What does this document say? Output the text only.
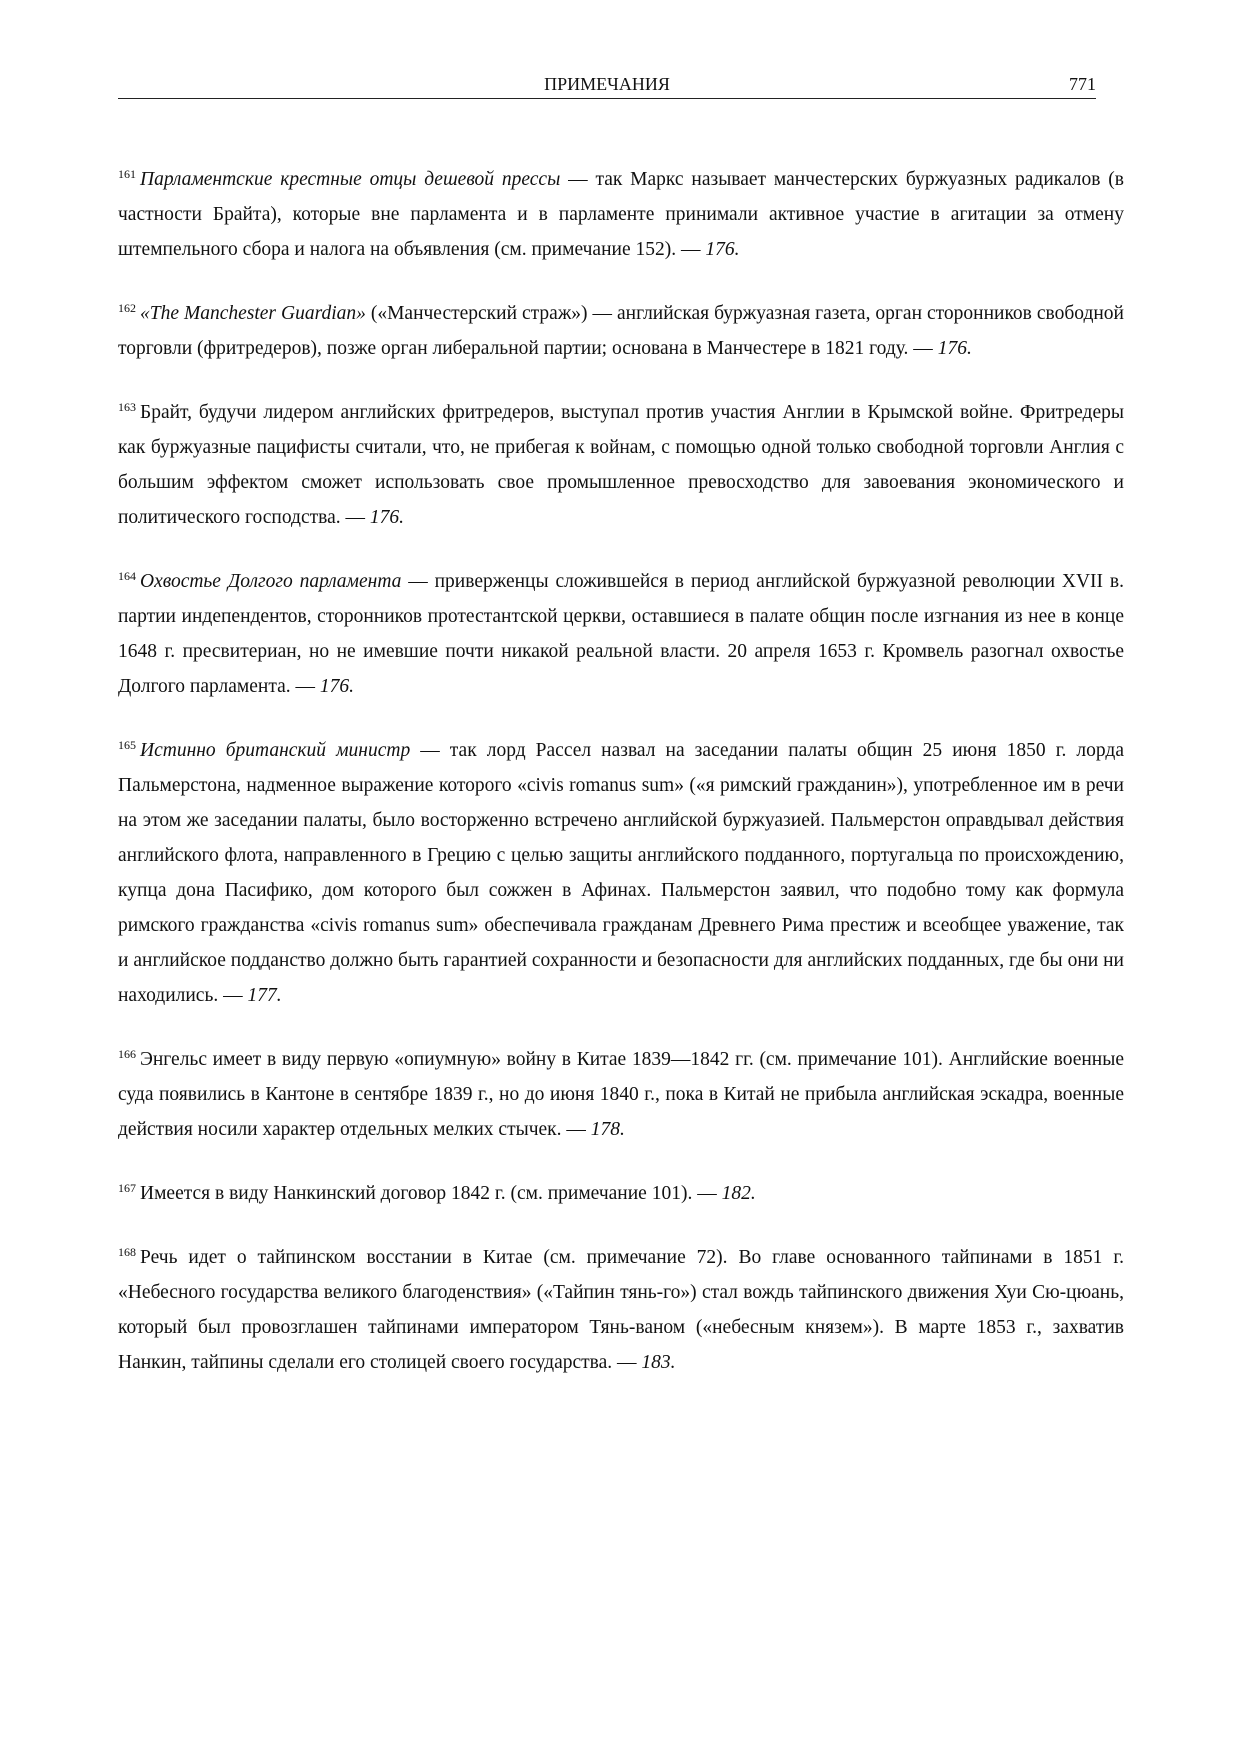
ПРИМЕЧАНИЯ	771

$^{161}$ Парламентские крестные отцы дешевой прессы — так Маркс называет манчестерских буржуазных радикалов (в частности Брайта), которые вне парламента и в парламенте принимали активное участие в агитации за отмену штемпельного сбора и налога на объявления (см. примечание 152). — 176.

$^{162}$ «The Manchester Guardian» («Манчестерский страж») — английская буржуазная газета, орган сторонников свободной торговли (фритредеров), позже орган либеральной партии; основана в Манчестере в 1821 году. — 176.

$^{163}$ Брайт, будучи лидером английских фритредеров, выступал против участия Англии в Крымской войне. Фритредеры как буржуазные пацифисты считали, что, не прибегая к войнам, с помощью одной только свободной торговли Англия с большим эффектом сможет использовать свое промышленное превосходство для завоевания экономического и политического господства. — 176.

$^{164}$ Охвостье Долгого парламента — приверженцы сложившейся в период английской буржуазной революции XVII в. партии индепендентов, сторонников протестантской церкви, оставшиеся в палате общин после изгнания из нее в конце 1648 г. пресвитериан, но не имевшие почти никакой реальной власти. 20 апреля 1653 г. Кромвель разогнал охвостье Долгого парламента. — 176.

$^{165}$ Истинно британский министр — так лорд Рассел назвал на заседании палаты общин 25 июня 1850 г. лорда Пальмерстона, надменное выражение которого «civis romanus sum» («я римский гражданин»), употребленное им в речи на этом же заседании палаты, было восторженно встречено английской буржуазией. Пальмерстон оправдывал действия английского флота, направленного в Грецию с целью защиты английского подданного, португальца по происхождению, купца дона Пасифико, дом которого был сожжен в Афинах. Пальмерстон заявил, что подобно тому как формула римского гражданства «civis romanus sum» обеспечивала гражданам Древнего Рима престиж и всеобщее уважение, так и английское подданство должно быть гарантией сохранности и безопасности для английских подданных, где бы они ни находились. — 177.

$^{166}$ Энгельс имеет в виду первую «опиумную» войну в Китае 1839—1842 гг. (см. примечание 101). Английские военные суда появились в Кантоне в сентябре 1839 г., но до июня 1840 г., пока в Китай не прибыла английская эскадра, военные действия носили характер отдельных мелких стычек. — 178.

$^{167}$ Имеется в виду Нанкинский договор 1842 г. (см. примечание 101). — 182.

$^{168}$ Речь идет о тайпинском восстании в Китае (см. примечание 72). Во главе основанного тайпинами в 1851 г. «Небесного государства великого благоденствия» («Тайпин тянь-го») стал вождь тайпинского движения Хуи Сю-цюань, который был провозглашен тайпинами императором Тянь-ваном («небесным князем»). В марте 1853 г., захватив Нанкин, тайпины сделали его столицей своего государства. — 183.
